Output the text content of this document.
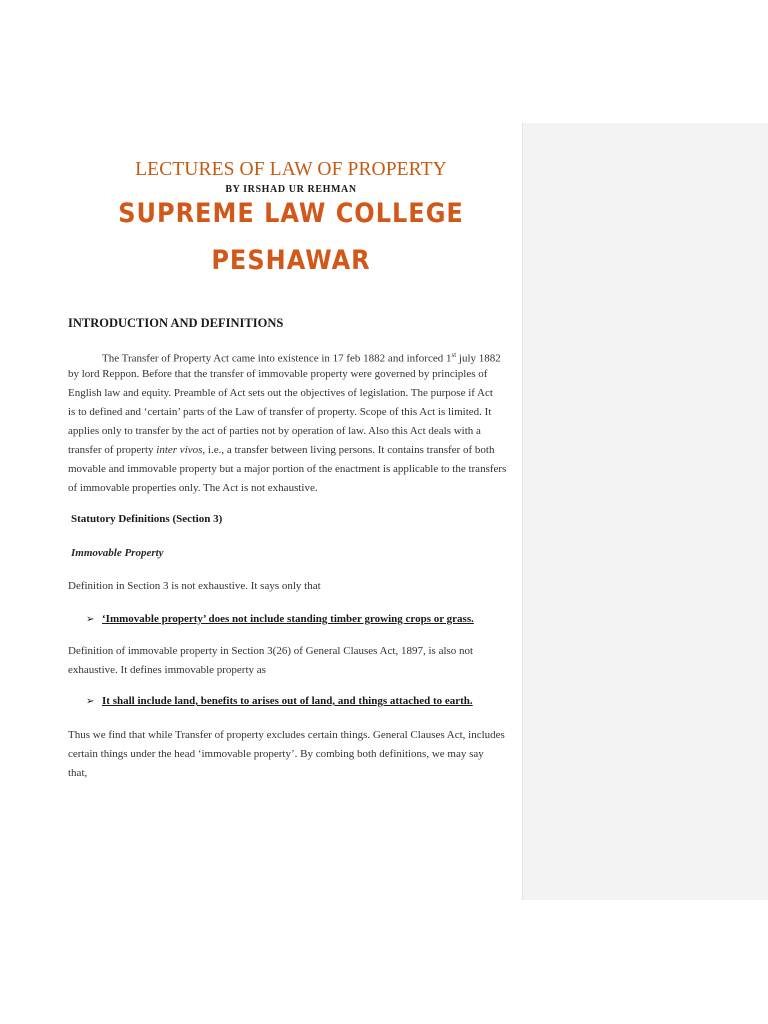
LECTURES OF LAW OF PROPERTY
BY IRSHAD UR REHMAN
SUPREME LAW COLLEGE
PESHAWAR
INTRODUCTION AND DEFINITIONS
The Transfer of Property Act came into existence in 17 feb 1882 and inforced 1st july 1882
by lord Reppon. Before that the transfer of immovable property were governed by principles of
English law and equity. Preamble of Act sets out the objectives of legislation. The purpose if Act
is to defined and ‘certain’ parts of the Law of transfer of property. Scope of this Act is limited. It
applies only to transfer by the act of parties not by operation of law. Also this Act deals with a
transfer of property inter vivos, i.e., a transfer between living persons. It contains transfer of both
movable and immovable property but a major portion of the enactment is applicable to the transfers
of immovable properties only. The Act is not exhaustive.
Statutory Definitions (Section 3)
Immovable Property
Definition in Section 3 is not exhaustive. It says only that
➢ ‘Immovable property’ does not include standing timber growing crops or grass.
Definition of immovable property in Section 3(26) of General Clauses Act, 1897, is also not
exhaustive. It defines immovable property as
➢ It shall include land, benefits to arises out of land, and things attached to earth.
Thus we find that while Transfer of property excludes certain things. General Clauses Act, includes
certain things under the head ‘immovable property’. By combing both definitions, we may say
that,
